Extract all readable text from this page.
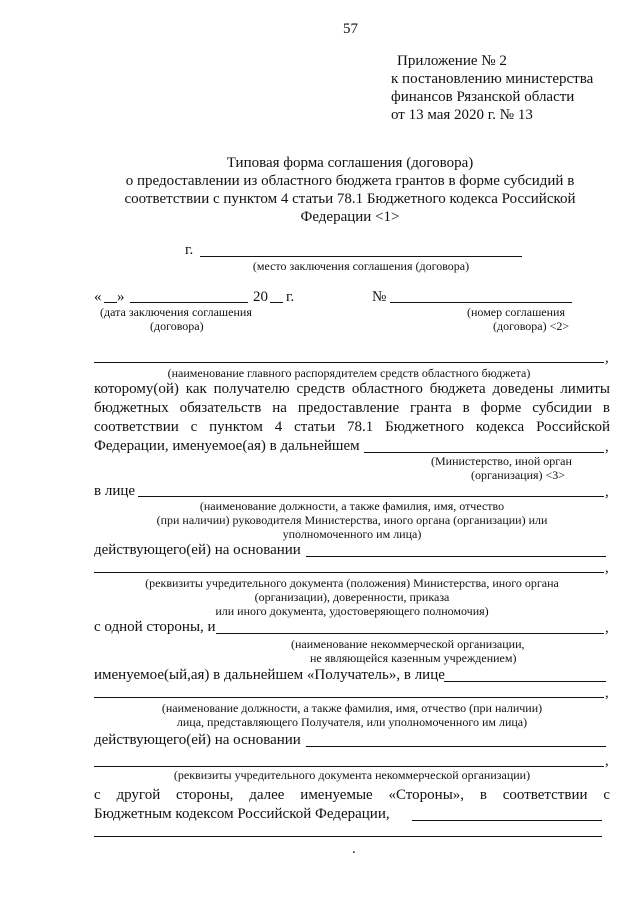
57
Приложение № 2
к постановлению министерства
финансов Рязанской области
от 13 мая 2020 г. № 13
Типовая форма соглашения (договора)
о предоставлении из областного бюджета грантов в форме субсидий в
соответствии с пунктом 4 статьи 78.1 Бюджетного кодекса Российской
Федерации <1>
г.
(место заключения соглашения (договора)
« »	20 г.
(дата заключения соглашения
(договора)
№
(номер соглашения
(договора) <2>
,
(наименование главного распорядителем средств областного бюджета)
которому(ой) как получателю средств областного бюджета доведены лимиты
бюджетных обязательств на предоставление гранта в форме субсидии в
соответствии с пунктом 4 статьи 78.1 Бюджетного кодекса Российской
Федерации, именуемое(ая) в дальнейшем	,
(Министерство, иной орган
(организация) <3>
в лице	,
(наименование должности, а также фамилия, имя, отчество
(при наличии) руководителя Министерства, иного органа (организации) или
уполномоченного им лица)
действующего(ей) на основании
,
(реквизиты учредительного документа (положения) Министерства, иного органа
(организации), доверенности, приказа
или иного документа, удостоверяющего полномочия)
с одной стороны, и	,
(наименование некоммерческой организации,
не являющейся казенным учреждением)
именуемое(ый,ая) в дальнейшем «Получатель», в лице
,
(наименование должности, а также фамилия, имя, отчество (при наличии)
лица, представляющего Получателя, или уполномоченного им лица)
действующего(ей) на основании
,
(реквизиты учредительного документа некоммерческой организации)
с другой стороны, далее именуемые «Стороны», в соответствии с
Бюджетным кодексом Российской Федерации,
.
